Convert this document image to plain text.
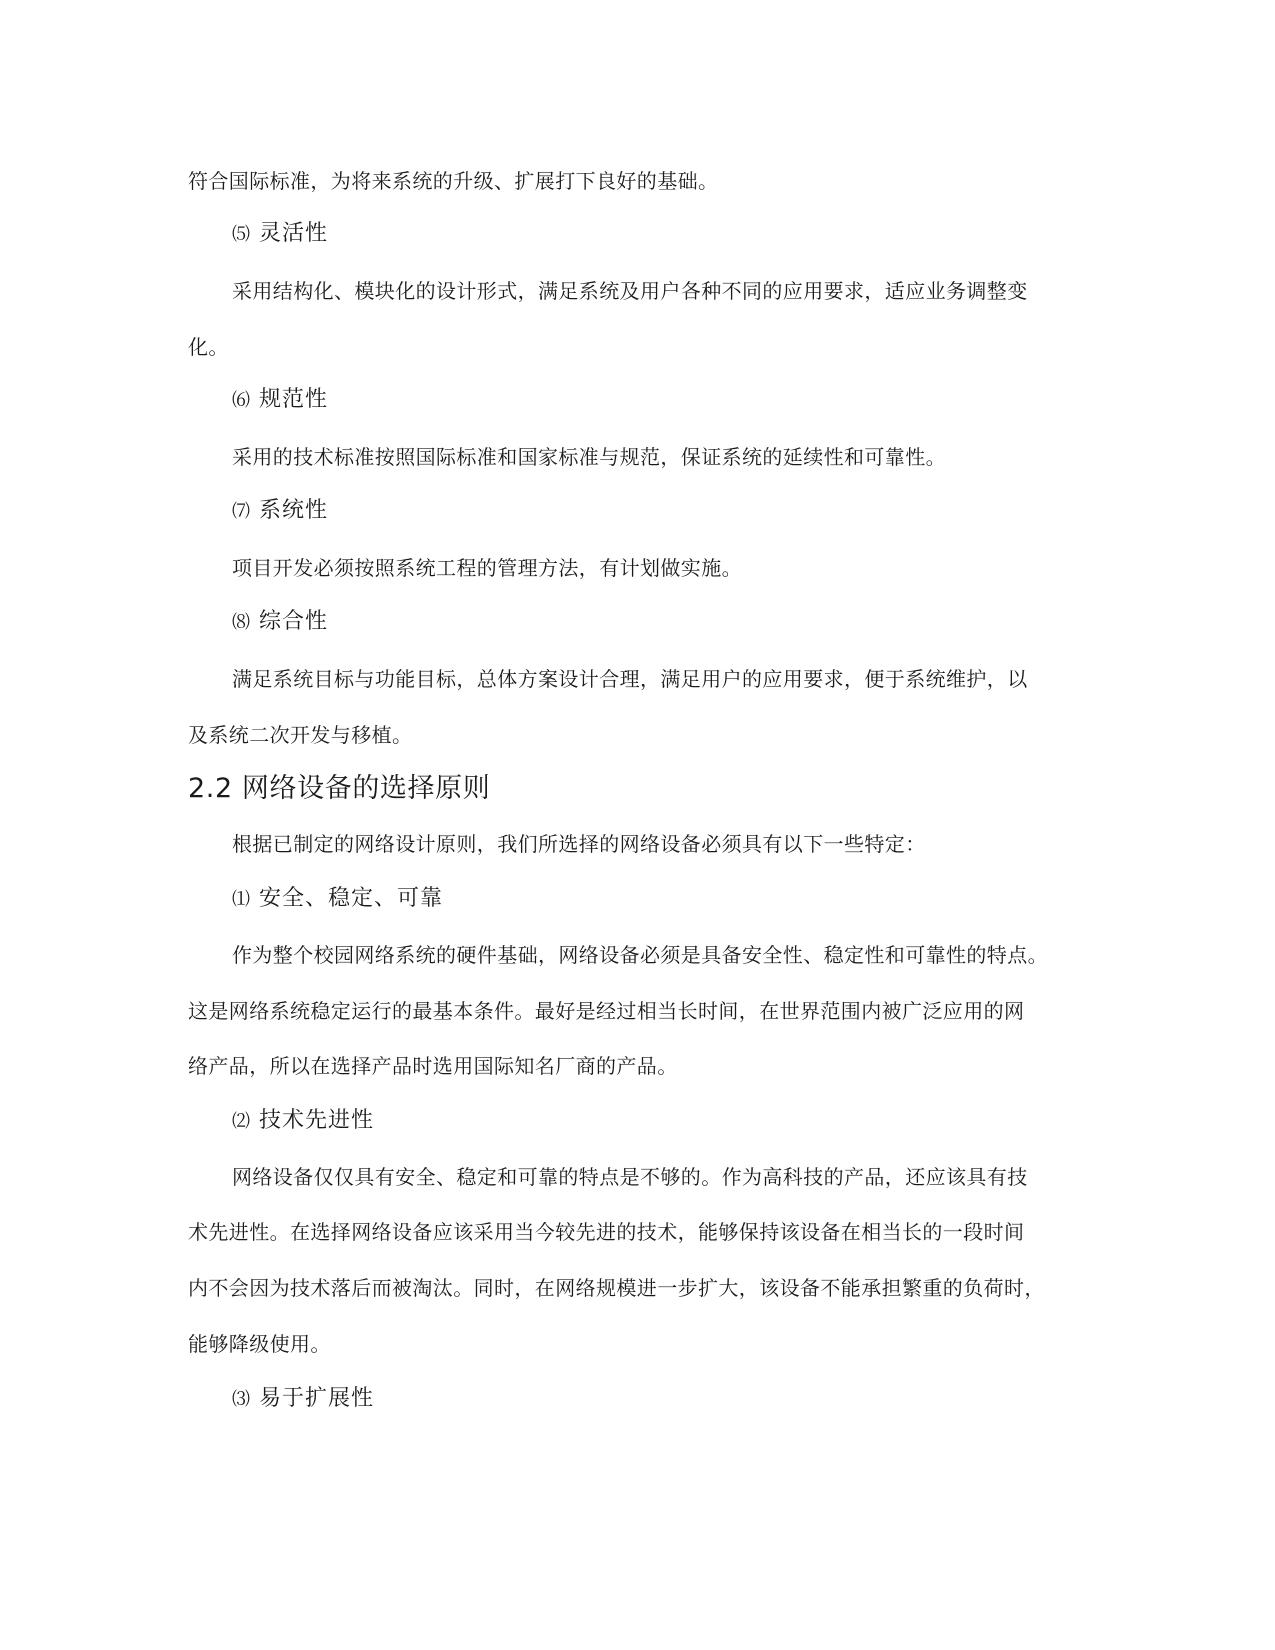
符合国际标准，为将来系统的升级、扩展打下良好的基础。
⑸ 灵活性
采用结构化、模块化的设计形式，满足系统及用户各种不同的应用要求，适应业务调整变
化。
⑹ 规范性
采用的技术标准按照国际标准和国家标准与规范，保证系统的延续性和可靠性。
⑺ 系统性
项目开发必须按照系统工程的管理方法，有计划做实施。
⑻ 综合性
满足系统目标与功能目标，总体方案设计合理，满足用户的应用要求，便于系统维护，以
及系统二次开发与移植。
2.2 网络设备的选择原则
根据已制定的网络设计原则，我们所选择的网络设备必须具有以下一些特定：
⑴ 安全、稳定、可靠
作为整个校园网络系统的硬件基础，网络设备必须是具备安全性、稳定性和可靠性的特点。
这是网络系统稳定运行的最基本条件。最好是经过相当长时间，在世界范围内被广泛应用的网
络产品，所以在选择产品时选用国际知名厂商的产品。
⑵ 技术先进性
网络设备仅仅具有安全、稳定和可靠的特点是不够的。作为高科技的产品，还应该具有技
术先进性。在选择网络设备应该采用当今较先进的技术，能够保持该设备在相当长的一段时间
内不会因为技术落后而被淘汰。同时，在网络规模进一步扩大，该设备不能承担繁重的负荷时，
能够降级使用。
⑶ 易于扩展性
